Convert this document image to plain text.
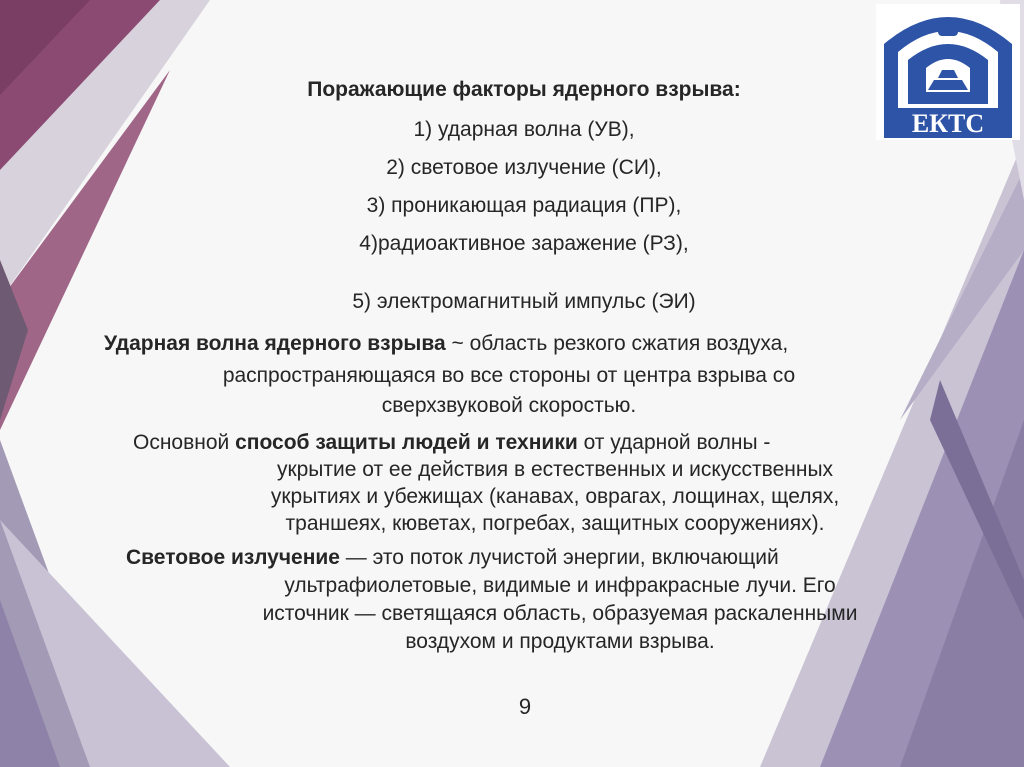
ЕКТС
Поражающие факторы ядерного взрыва:
1) ударная волна (УВ),
2) световое излучение (СИ),
3) проникающая радиация (ПР),
4)радиоактивное заражение (РЗ),
5) электромагнитный импульс (ЭИ)
Ударная волна ядерного взрыва ~ область резкого сжатия воздуха,
распространяющаяся во все стороны от центра взрыва со
сверхзвуковой скоростью.
Основной способ защиты людей и техники от ударной волны -
укрытие от ее действия в естественных и искусственных
укрытиях и убежищах (канавах, оврагах, лощинах, щелях,
траншеях, кюветах, погребах, защитных сооружениях).
Световое излучение — это поток лучистой энергии, включающий
ультрафиолетовые, видимые и инфракрасные лучи. Его
источник — светящаяся область, образуемая раскаленными
воздухом и продуктами взрыва.
9
